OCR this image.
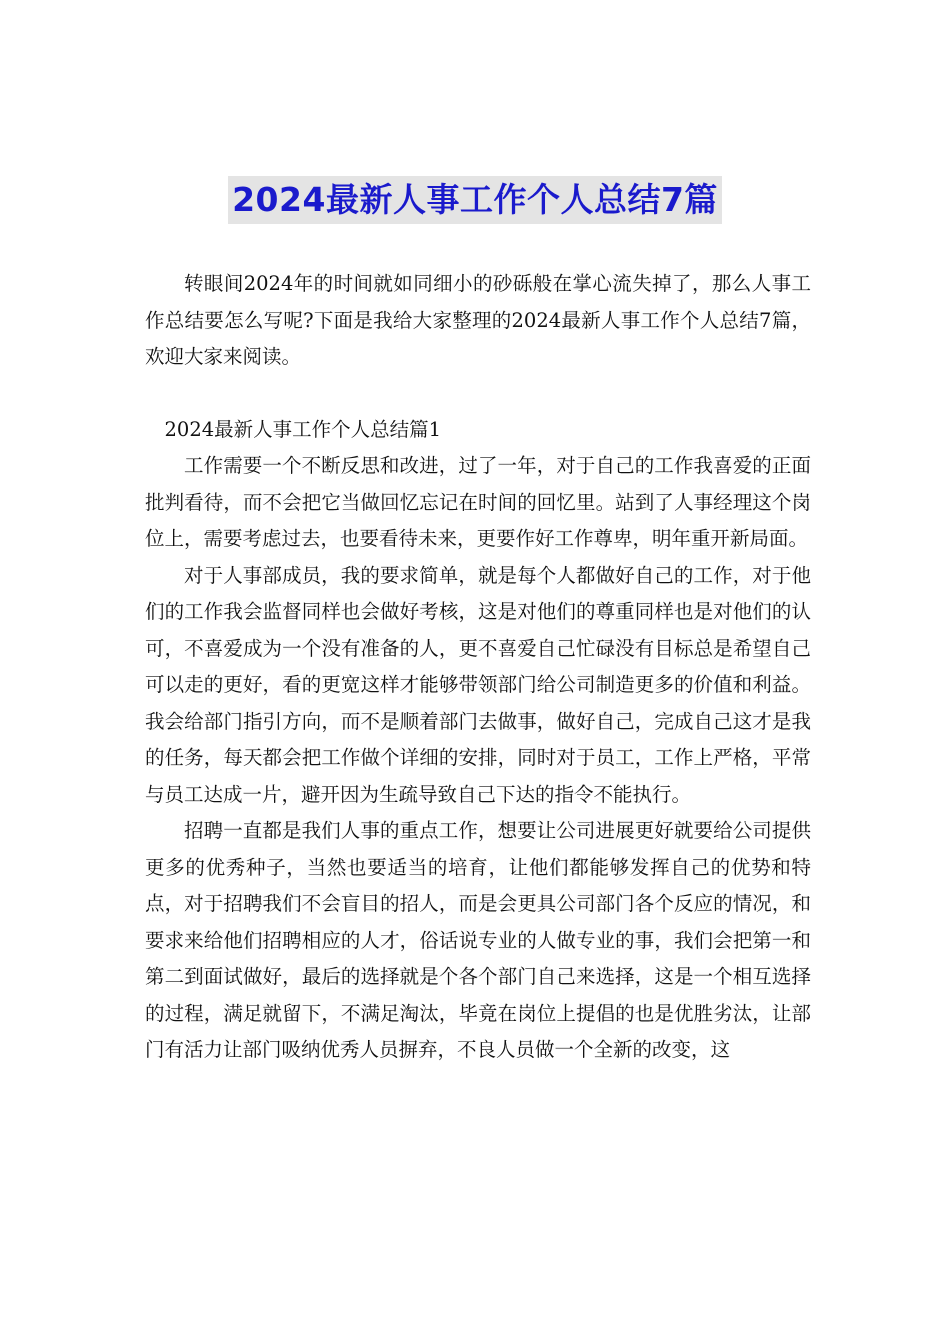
2024最新人事工作个人总结7篇

转眼间2024年的时间就如同细小的砂砾般在掌心流失掉了，那么人事工作总结要怎么写呢?下面是我给大家整理的2024最新人事工作个人总结7篇，欢迎大家来阅读。

2024最新人事工作个人总结篇1

工作需要一个不断反思和改进，过了一年，对于自己的工作我喜爱的正面批判看待，而不会把它当做回忆忘记在时间的回忆里。站到了人事经理这个岗位上，需要考虑过去，也要看待未来，更要作好工作尊卑，明年重开新局面。

对于人事部成员，我的要求简单，就是每个人都做好自己的工作，对于他们的工作我会监督同样也会做好考核，这是对他们的尊重同样也是对他们的认可，不喜爱成为一个没有准备的人，更不喜爱自己忙碌没有目标总是希望自己可以走的更好，看的更宽这样才能够带领部门给公司制造更多的价值和利益。我会给部门指引方向，而不是顺着部门去做事，做好自己，完成自己这才是我的任务，每天都会把工作做个详细的安排，同时对于员工，工作上严格，平常与员工达成一片，避开因为生疏导致自己下达的指令不能执行。

招聘一直都是我们人事的重点工作，想要让公司进展更好就要给公司提供更多的优秀种子，当然也要适当的培育，让他们都能够发挥自己的优势和特点，对于招聘我们不会盲目的招人，而是会更具公司部门各个反应的情况，和要求来给他们招聘相应的人才，俗话说专业的人做专业的事，我们会把第一和第二到面试做好，最后的选择就是个各个部门自己来选择，这是一个相互选择的过程，满足就留下，不满足淘汰，毕竟在岗位上提倡的也是优胜劣汰，让部门有活力让部门吸纳优秀人员摒弃，不良人员做一个全新的改变，这
